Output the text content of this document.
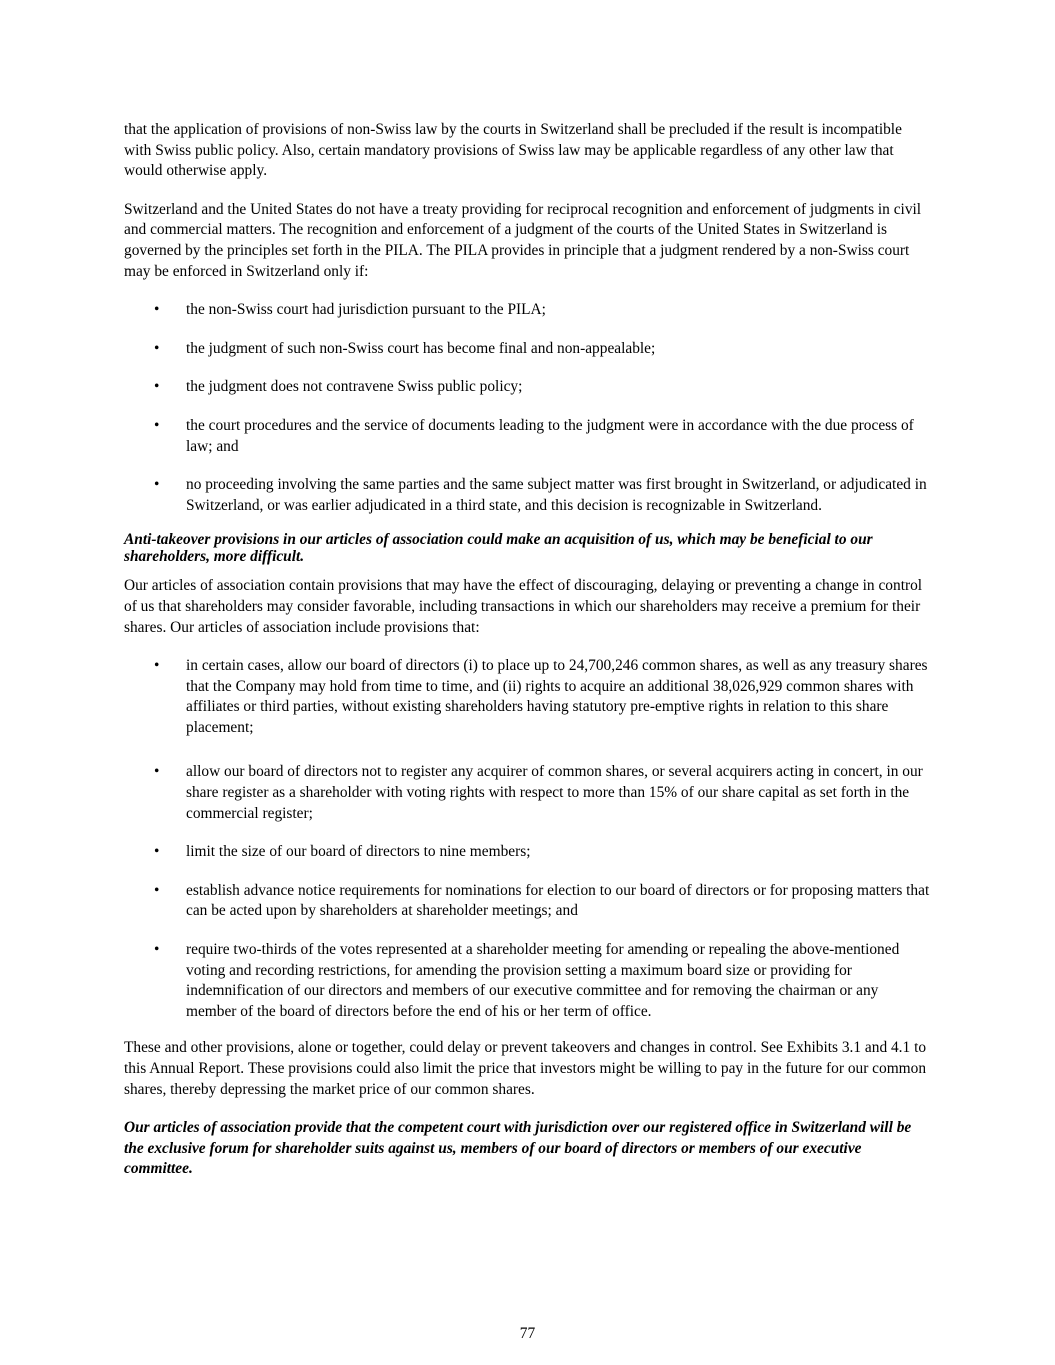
that the application of provisions of non-Swiss law by the courts in Switzerland shall be precluded if the result is incompatible with Swiss public policy. Also, certain mandatory provisions of Swiss law may be applicable regardless of any other law that would otherwise apply.

Switzerland and the United States do not have a treaty providing for reciprocal recognition and enforcement of judgments in civil and commercial matters. The recognition and enforcement of a judgment of the courts of the United States in Switzerland is governed by the principles set forth in the PILA. The PILA provides in principle that a judgment rendered by a non-Swiss court may be enforced in Switzerland only if:

• the non-Swiss court had jurisdiction pursuant to the PILA;
• the judgment of such non-Swiss court has become final and non-appealable;
• the judgment does not contravene Swiss public policy;
• the court procedures and the service of documents leading to the judgment were in accordance with the due process of law; and
• no proceeding involving the same parties and the same subject matter was first brought in Switzerland, or adjudicated in Switzerland, or was earlier adjudicated in a third state, and this decision is recognizable in Switzerland.

Anti-takeover provisions in our articles of association could make an acquisition of us, which may be beneficial to our shareholders, more difficult.

Our articles of association contain provisions that may have the effect of discouraging, delaying or preventing a change in control of us that shareholders may consider favorable, including transactions in which our shareholders may receive a premium for their shares. Our articles of association include provisions that:

• in certain cases, allow our board of directors (i) to place up to 24,700,246 common shares, as well as any treasury shares that the Company may hold from time to time, and (ii) rights to acquire an additional 38,026,929 common shares with affiliates or third parties, without existing shareholders having statutory pre-emptive rights in relation to this share placement;
• allow our board of directors not to register any acquirer of common shares, or several acquirers acting in concert, in our share register as a shareholder with voting rights with respect to more than 15% of our share capital as set forth in the commercial register;
• limit the size of our board of directors to nine members;
• establish advance notice requirements for nominations for election to our board of directors or for proposing matters that can be acted upon by shareholders at shareholder meetings; and
• require two-thirds of the votes represented at a shareholder meeting for amending or repealing the above-mentioned voting and recording restrictions, for amending the provision setting a maximum board size or providing for indemnification of our directors and members of our executive committee and for removing the chairman or any member of the board of directors before the end of his or her term of office.

These and other provisions, alone or together, could delay or prevent takeovers and changes in control. See Exhibits 3.1 and 4.1 to this Annual Report. These provisions could also limit the price that investors might be willing to pay in the future for our common shares, thereby depressing the market price of our common shares.

Our articles of association provide that the competent court with jurisdiction over our registered office in Switzerland will be the exclusive forum for shareholder suits against us, members of our board of directors or members of our executive committee.

77
